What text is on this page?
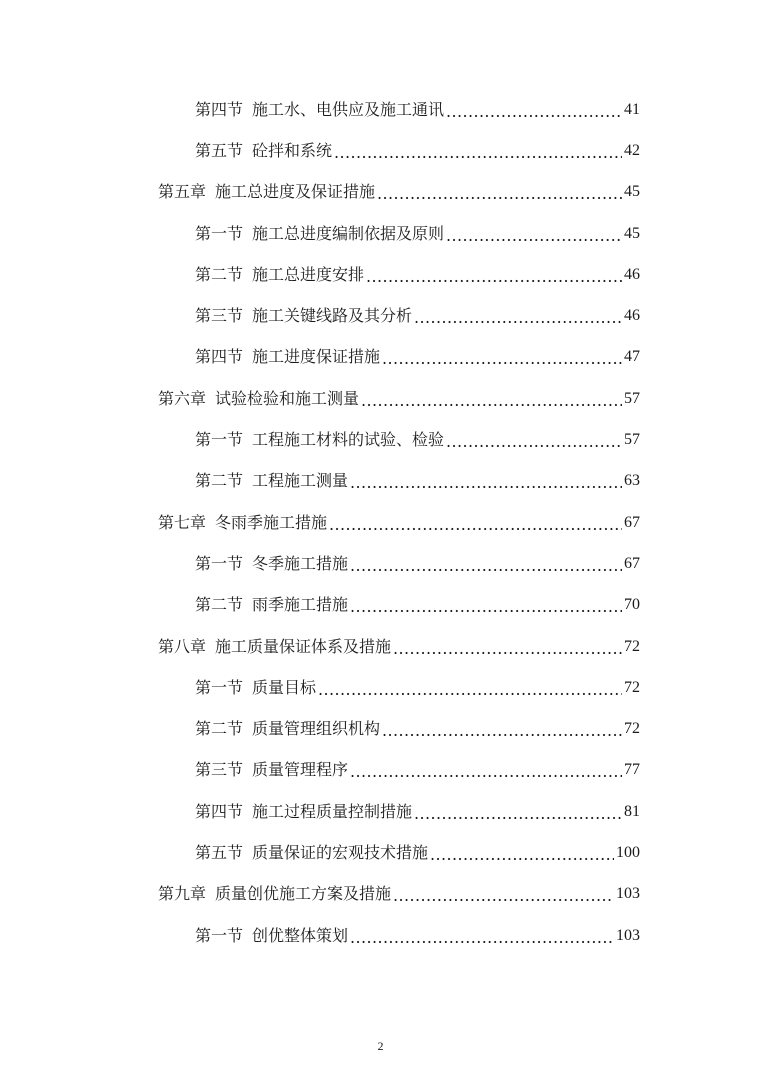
第四节 施工水、电供应及施工通讯 .....	41
第五节 砼拌和系统 .....	42
第五章 施工总进度及保证措施 .....	45
第一节 施工总进度编制依据及原则 .....	45
第二节 施工总进度安排 .....	46
第三节 施工关键线路及其分析 .....	46
第四节 施工进度保证措施 .....	47
第六章 试验检验和施工测量 .....	57
第一节 工程施工材料的试验、检验 .....	57
第二节 工程施工测量 .....	63
第七章 冬雨季施工措施 .....	67
第一节 冬季施工措施 .....	67
第二节 雨季施工措施 .....	70
第八章 施工质量保证体系及措施 .....	72
第一节 质量目标 .....	72
第二节 质量管理组织机构 .....	72
第三节 质量管理程序 .....	77
第四节 施工过程质量控制措施 .....	81
第五节 质量保证的宏观技术措施 .....	100
第九章 质量创优施工方案及措施 .....	103
第一节 创优整体策划 .....	103
2
